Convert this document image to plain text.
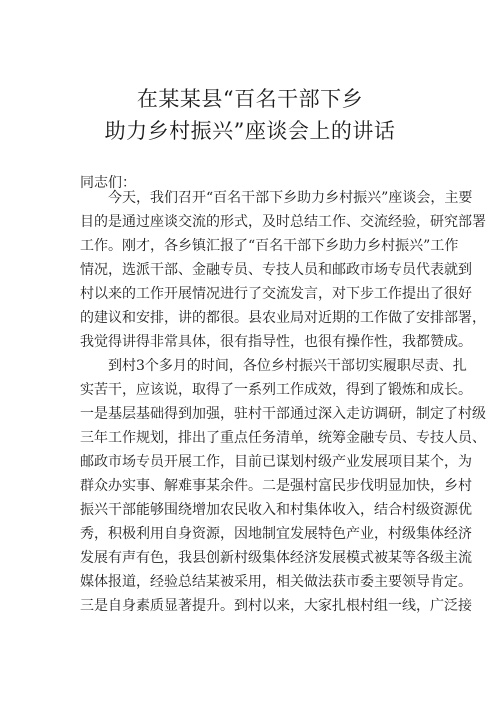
在某某县“百名干部下乡
助力乡村振兴”座谈会上的讲话
同志们：
今天，我们召开“百名干部下乡助力乡村振兴”座谈会，主要
目的是通过座谈交流的形式，及时总结工作、交流经验，研究部署
工作。刚才，各乡镇汇报了“百名干部下乡助力乡村振兴”工作
情况，选派干部、金融专员、专技人员和邮政市场专员代表就到
村以来的工作开展情况进行了交流发言，对下步工作提出了很好
的建议和安排，讲的都很。县农业局对近期的工作做了安排部署，
我觉得讲得非常具体，很有指导性，也很有操作性，我都赞成。
到村3个多月的时间，各位乡村振兴干部切实履职尽责、扎
实苦干，应该说，取得了一系列工作成效，得到了锻炼和成长。
一是基层基础得到加强，驻村干部通过深入走访调研，制定了村级
三年工作规划，排出了重点任务清单，统筹金融专员、专技人员、
邮政市场专员开展工作，目前已谋划村级产业发展项目某个，为
群众办实事、解难事某余件。二是强村富民步伐明显加快，乡村
振兴干部能够围绕增加农民收入和村集体收入，结合村级资源优
秀，积极利用自身资源，因地制宜发展特色产业，村级集体经济
发展有声有色，我县创新村级集体经济发展模式被某等各级主流
媒体报道，经验总结某被采用，相关做法获市委主要领导肯定。
三是自身素质显著提升。到村以来，大家扎根村组一线，广泛接
